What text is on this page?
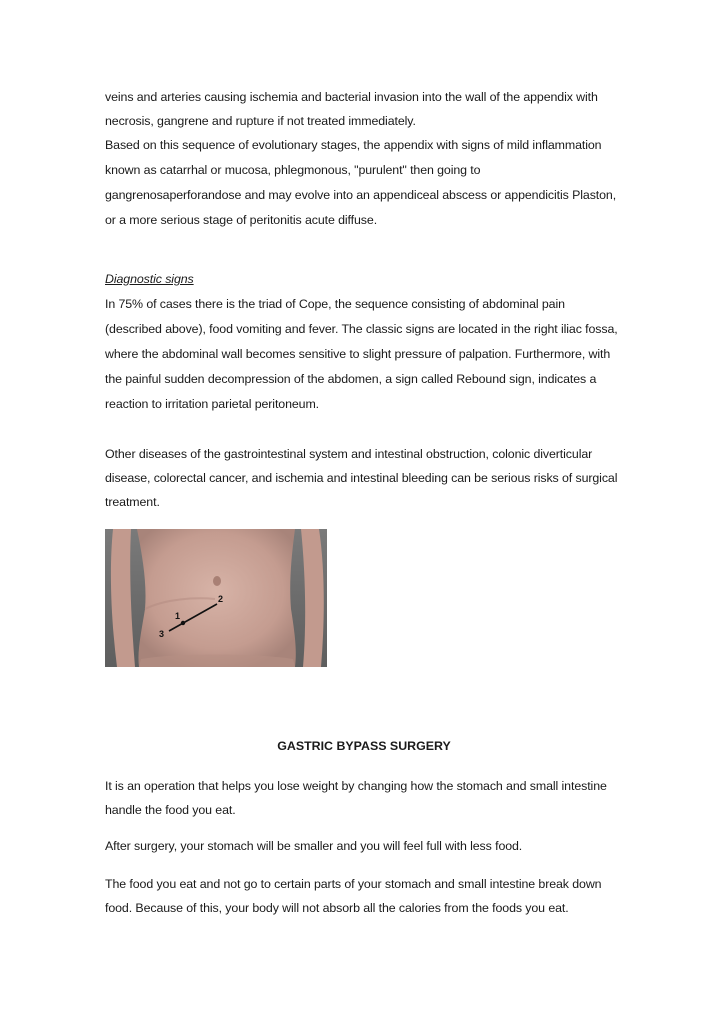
veins and arteries causing ischemia and bacterial invasion into the wall of the appendix with
necrosis, gangrene and rupture if not treated immediately.
Based on this sequence of evolutionary stages, the appendix with signs of mild inflammation
known as catarrhal or mucosa, phlegmonous, "purulent" then going to
gangrenosaperforandose and may evolve into an appendiceal abscess or appendicitis Plaston,
or a more serious stage of peritonitis acute diffuse.
Diagnostic signs
In 75% of cases there is the triad of Cope, the sequence consisting of abdominal pain
(described above), food vomiting and fever. The classic signs are located in the right iliac fossa,
where the abdominal wall becomes sensitive to slight pressure of palpation. Furthermore, with
the painful sudden decompression of the abdomen, a sign called Rebound sign, indicates a
reaction to irritation parietal peritoneum.
Other diseases of the gastrointestinal system and intestinal obstruction, colonic diverticular
disease, colorectal cancer, and ischemia and intestinal bleeding can be serious risks of surgical
treatment.
1
2
3
GASTRIC BYPASS SURGERY
It is an operation that helps you lose weight by changing how the stomach and small intestine
handle the food you eat.
After surgery, your stomach will be smaller and you will feel full with less food.
The food you eat and not go to certain parts of your stomach and small intestine break down
food. Because of this, your body will not absorb all the calories from the foods you eat.
